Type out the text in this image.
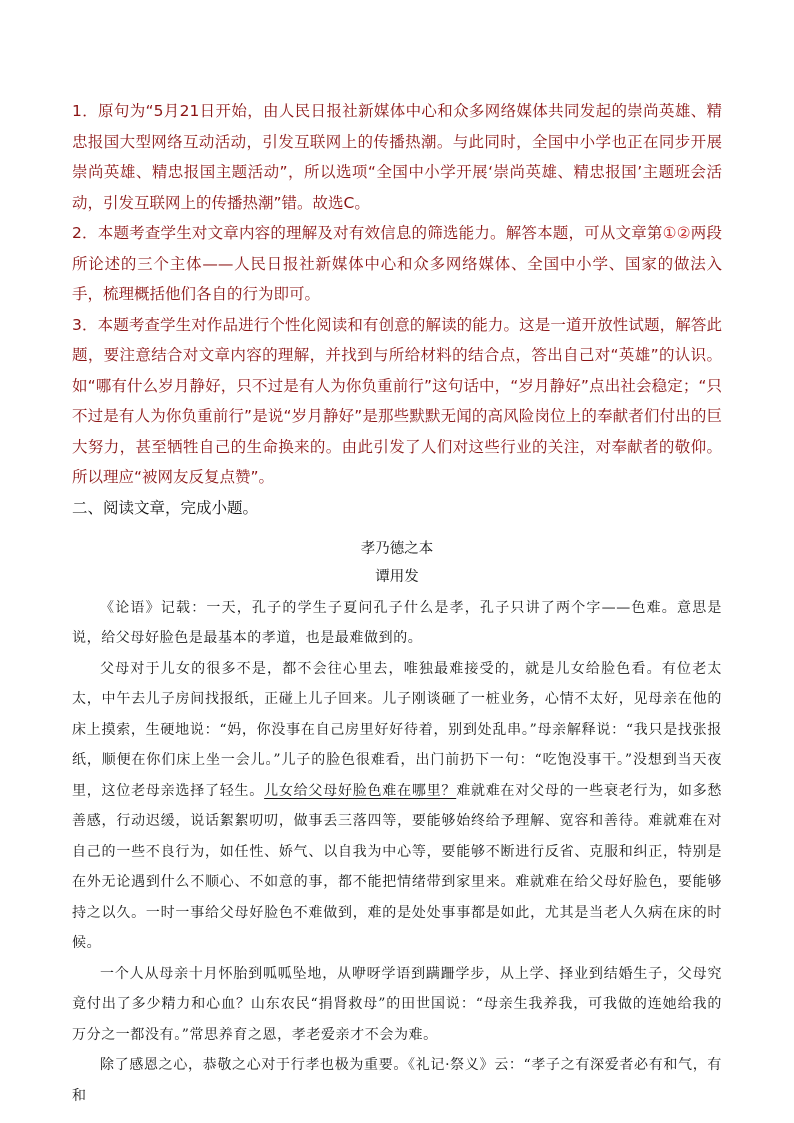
1．原句为“5月21日开始，由人民日报社新媒体中心和众多网络媒体共同发起的崇尚英雄、精忠报国大型网络互动活动，引发互联网上的传播热潮。与此同时，全国中小学也正在同步开展崇尚英雄、精忠报国主题活动”，所以选项“全国中小学开展‘崇尚英雄、精忠报国’主题班会活动，引发互联网上的传播热潮”错。故选C。

2．本题考查学生对文章内容的理解及对有效信息的筛选能力。解答本题，可从文章第①②两段所论述的三个主体——人民日报社新媒体中心和众多网络媒体、全国中小学、国家的做法入手，梳理概括他们各自的行为即可。

3．本题考查学生对作品进行个性化阅读和有创意的解读的能力。这是一道开放性试题，解答此题，要注意结合对文章内容的理解，并找到与所给材料的结合点，答出自己对“英雄”的认识。如“哪有什么岁月静好，只不过是有人为你负重前行”这句话中，“岁月静好”点出社会稳定；“只不过是有人为你负重前行”是说“岁月静好”是那些默默无闻的高风险岗位上的奉献者们付出的巨大努力，甚至牺牲自己的生命换来的。由此引发了人们对这些行业的关注，对奉献者的敬仰。所以理应“被网友反复点赞”。

二、阅读文章，完成小题。

孝乃德之本

谭用发

《论语》记载：一天，孔子的学生子夏问孔子什么是孝，孔子只讲了两个字——色难。意思是说，给父母好脸色是最基本的孝道，也是最难做到的。

父母对于儿女的很多不是，都不会往心里去，唯独最难接受的，就是儿女给脸色看。有位老太太，中午去儿子房间找报纸，正碰上儿子回来。儿子刚谈砸了一桩业务，心情不太好，见母亲在他的床上摸索，生硬地说：“妈，你没事在自己房里好好待着，别到处乱串。”母亲解释说：“我只是找张报纸，顺便在你们床上坐一会儿。”儿子的脸色很难看，出门前扔下一句：“吃饱没事干。”没想到当天夜里，这位老母亲选择了轻生。儿女给父母好脸色难在哪里？难就难在对父母的一些衰老行为，如多愁善感，行动迟缓，说话絮絮叨叨，做事丢三落四等，要能够始终给予理解、宽容和善待。难就难在对自己的一些不良行为，如任性、娇气、以自我为中心等，要能够不断进行反省、克服和纠正，特别是在外无论遇到什么不顺心、不如意的事，都不能把情绪带到家里来。难就难在给父母好脸色，要能够持之以久。一时一事给父母好脸色不难做到，难的是处处事事都是如此，尤其是当老人久病在床的时候。

一个人从母亲十月怀胎到呱呱坠地，从咿呀学语到蹒跚学步，从上学、择业到结婚生子，父母究竟付出了多少精力和心血？山东农民“捐肾救母”的田世国说：“母亲生我养我，可我做的连她给我的万分之一都没有。”常思养育之恩，孝老爱亲才不会为难。

除了感恩之心，恭敬之心对于行孝也极为重要。《礼记·祭义》云：“孝子之有深爱者必有和气，有和
